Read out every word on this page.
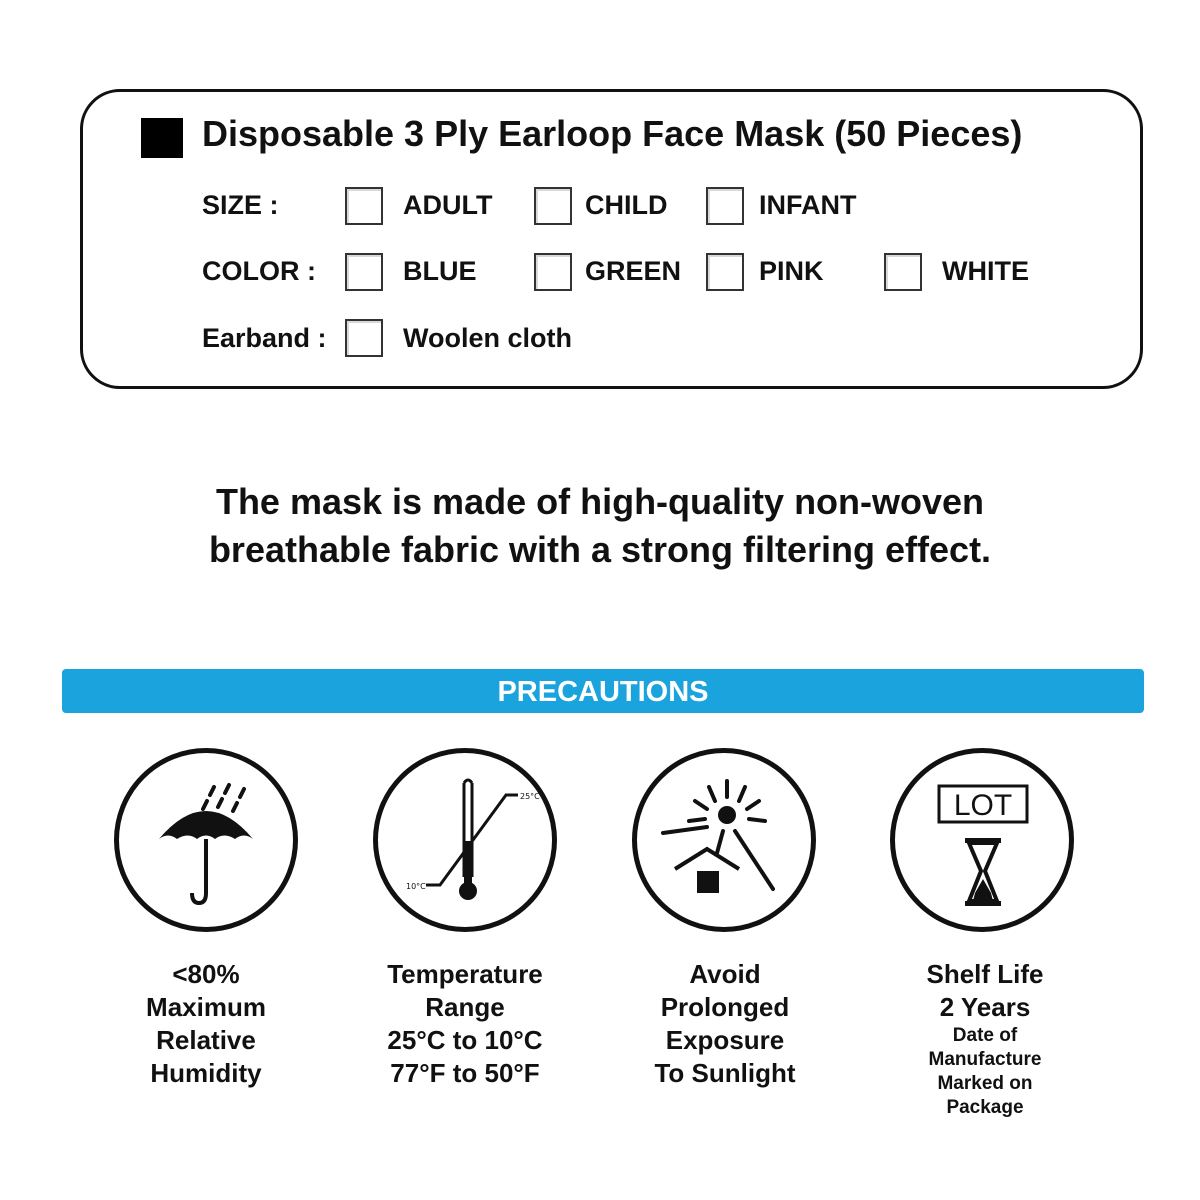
Disposable 3 Ply Earloop Face Mask (50 Pieces)
SIZE :	ADULT	CHILD	INFANT
COLOR :	BLUE	GREEN	PINK	WHITE
Earband :	Woolen cloth
The mask is made of high-quality non-woven
breathable fabric with a strong filtering effect.
PRECAUTIONS
25°C
10°C
LOT
<80%
Maximum
Relative
Humidity
Temperature
Range
25°C to 10°C
77°F to 50°F
Avoid
Prolonged
Exposure
To Sunlight
Shelf Life
2 Years
Date of
Manufacture
Marked on
Package
